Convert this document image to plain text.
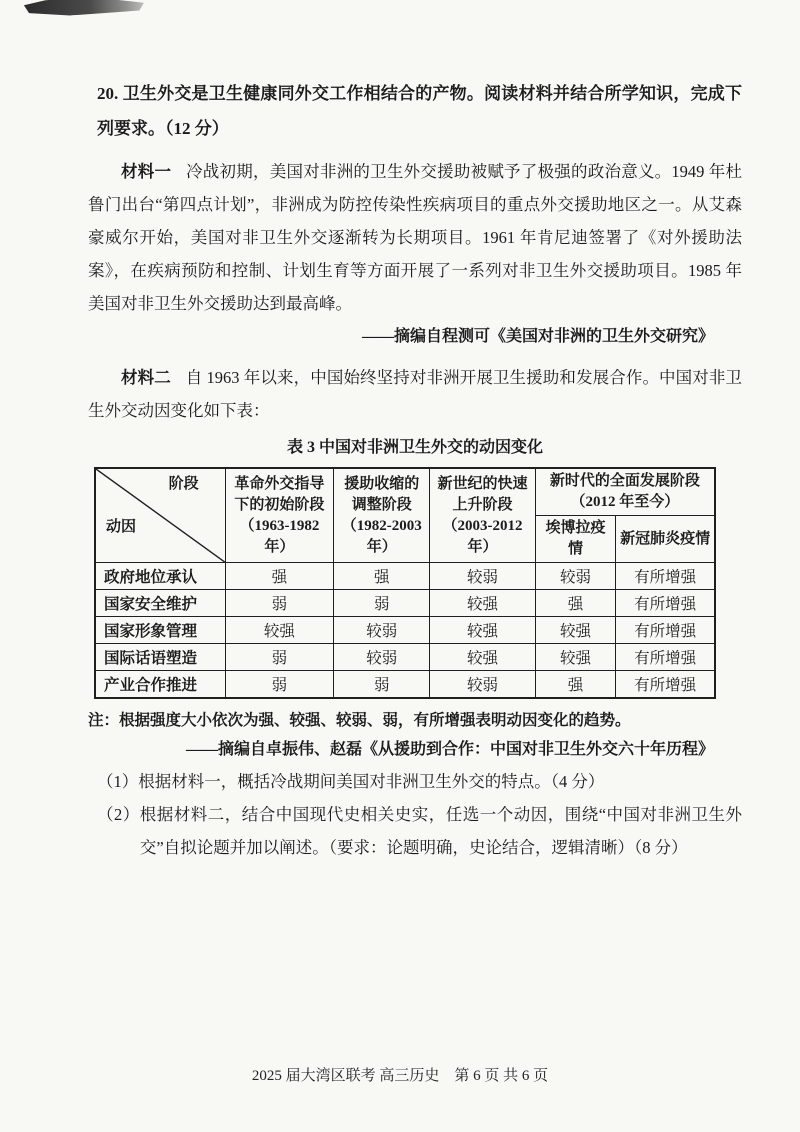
20. 卫生外交是卫生健康同外交工作相结合的产物。阅读材料并结合所学知识，完成下列要求。（12 分）

材料一 冷战初期，美国对非洲的卫生外交援助被赋予了极强的政治意义。1949 年杜鲁门出台“第四点计划”，非洲成为防控传染性疾病项目的重点外交援助地区之一。从艾森豪威尔开始，美国对非卫生外交逐渐转为长期项目。1961 年肯尼迪签署了《对外援助法案》，在疾病预防和控制、计划生育等方面开展了一系列对非卫生外交援助项目。1985 年美国对非卫生外交援助达到最高峰。

——摘编自程测可《美国对非洲的卫生外交研究》

材料二 自 1963 年以来，中国始终坚持对非洲开展卫生援助和发展合作。中国对非卫生外交动因变化如下表：

表 3 中国对非洲卫生外交的动因变化

阶段
动因	革命外交指导下的初始阶段（1963-1982 年）	援助收缩的调整阶段（1982-2003 年）	新世纪的快速上升阶段（2003-2012 年）	新时代的全面发展阶段（2012 年至今）	
				埃博拉疫情	新冠肺炎疫情
政府地位承认	强	强	较弱	较弱	有所增强
国家安全维护	弱	弱	较强	强	有所增强
国家形象管理	较强	较弱	较强	较强	有所增强
国际话语塑造	弱	较弱	较强	较强	有所增强
产业合作推进	弱	弱	较弱	强	有所增强

注：根据强度大小依次为强、较强、较弱、弱，有所增强表明动因变化的趋势。

——摘编自卓振伟、赵磊《从援助到合作：中国对非卫生外交六十年历程》

（1）根据材料一，概括冷战期间美国对非洲卫生外交的特点。（4 分）

（2）根据材料二，结合中国现代史相关史实，任选一个动因，围绕“中国对非洲卫生外交”自拟论题并加以阐述。（要求：论题明确，史论结合，逻辑清晰）（8 分）

2025 届大湾区联考 高三历史　第 6 页 共 6 页
